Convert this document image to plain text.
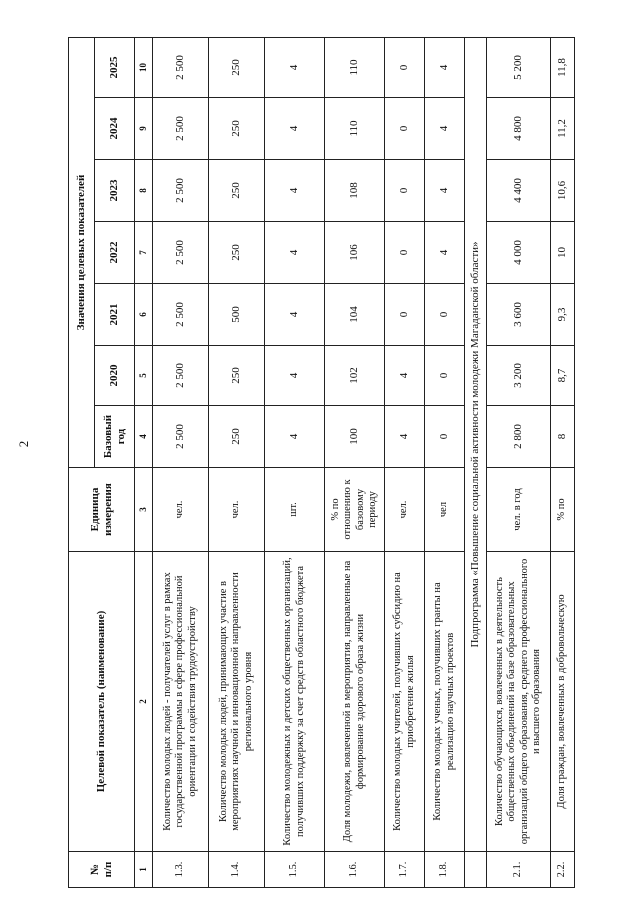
2
№
п/п	Целевой показатель (наименование)	Единица измерения	Значения целевых показателей						
			Базовый год	2020	2021	2022	2023	2024	2025
1	2	3	4	5	6	7	8	9	10
1.3.	Количество молодых людей - получателей услуг в рамках государственной программы в сфере профессиональной ориентации и содействия трудоустройству	чел.	2 500	2 500	2 500	2 500	2 500	2 500	2 500
1.4.	Количество молодых людей, принимающих участие в мероприятиях научной и инновационной направленности регионального уровня	чел.	250	250	500	250	250	250	250
1.5.	Количество молодежных и детских общественных организаций, получивших поддержку за счет средств областного бюджета	шт.	4	4	4	4	4	4	4
1.6.	Доля молодежи, вовлеченной в мероприятия, направленные на формирование здорового образа жизни	% по отношению к базовому периоду	100	102	104	106	108	110	110
1.7.	Количество молодых учителей, получивших субсидию на приобретение жилья	чел.	4	4	0	0	0	0	0
1.8.	Количество молодых ученых, получивших гранты на реализацию научных проектов	чел	0	0	0	4	4	4	4
	Подпрограмма «Повышение социальной активности молодежи Магаданской области»								
2.1.	Количество обучающихся, вовлеченных в деятельность общественных объединений на базе образовательных организаций общего образования, среднего профессионального и высшего образования	чел. в год	2 800	3 200	3 600	4 000	4 400	4 800	5 200
2.2.	Доля граждан, вовлеченных в добровольческую	% по	8	8,7	9,3	10	10,6	11,2	11,8
